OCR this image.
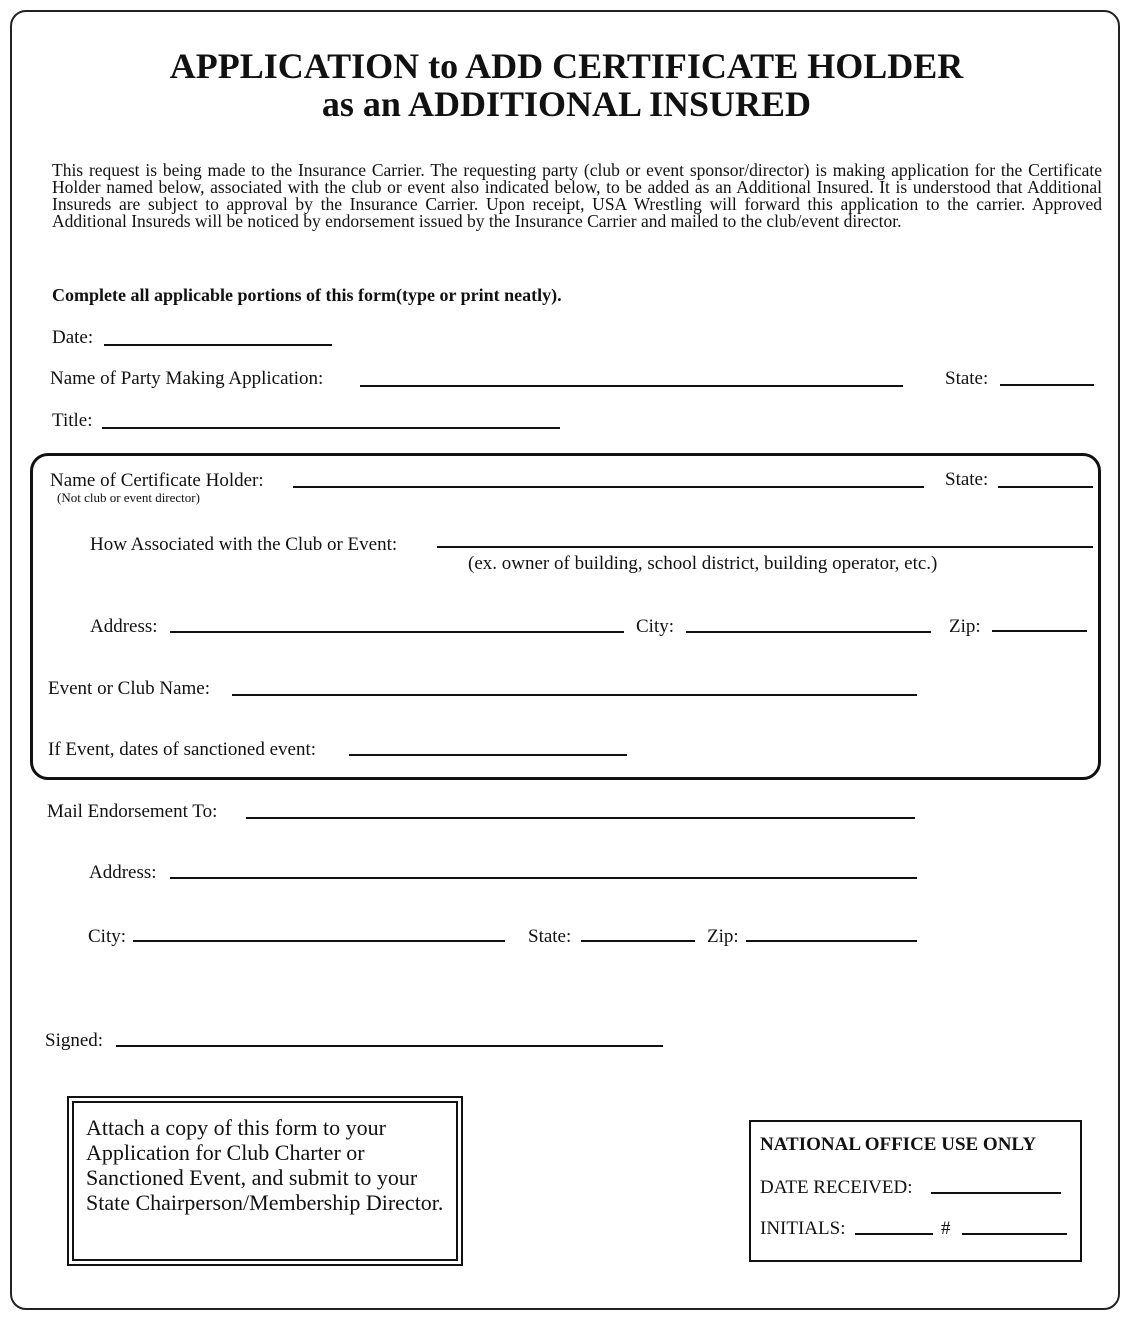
APPLICATION to ADD CERTIFICATE HOLDER
as an ADDITIONAL INSURED
This request is being made to the Insurance Carrier. The requesting party (club or event sponsor/director) is making application for the Certificate Holder named below, associated with the club or event also indicated below, to be added as an Additional Insured. It is understood that Additional Insureds are subject to approval by the Insurance Carrier. Upon receipt, USA Wrestling will forward this application to the carrier. Approved Additional Insureds will be noticed by endorsement issued by the Insurance Carrier and mailed to the club/event director.
Complete all applicable portions of this form(type or print neatly).
Date:
Name of Party Making Application:	State:
Title:
Name of Certificate Holder:
(Not club or event director)
State:
How Associated with the Club or Event:
(ex. owner of building, school district, building operator, etc.)
Address:	City:	Zip:
Event or Club Name:
If Event, dates of sanctioned event:
Mail Endorsement To:
Address:
City:	State:	Zip:
Signed:
Attach a copy of this form to your Application for Club Charter or Sanctioned Event, and submit to your State Chairperson/Membership Director.
NATIONAL OFFICE USE ONLY
DATE RECEIVED:
INITIALS:	#
